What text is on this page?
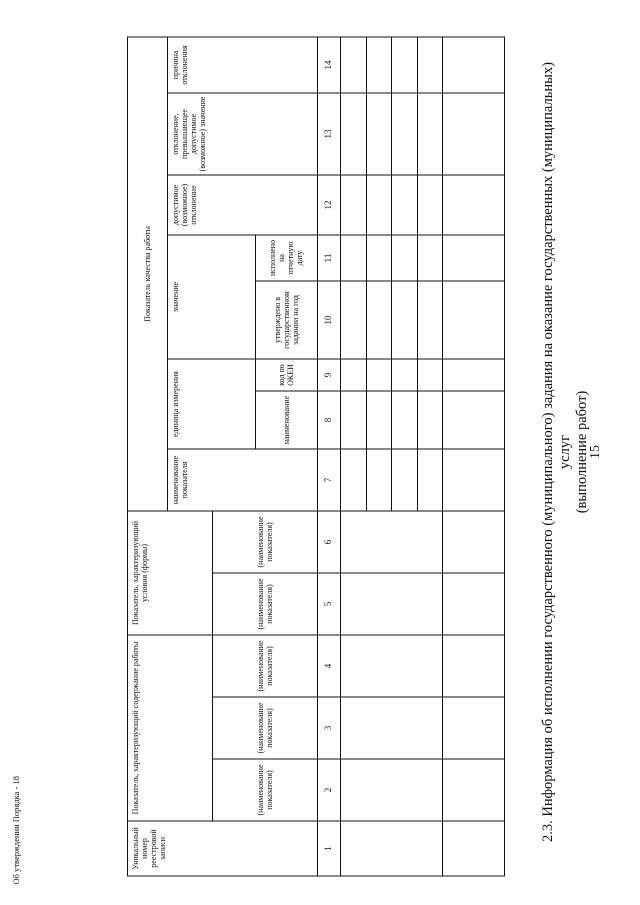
15
2.3. Информация об исполнении государственного (муниципального) задания на оказание государственных (муниципальных) услуг (выполнение работ)
Уникальный номер реестровой записи	Показатель, характеризующий содержание работы			Показатель, характеризующий условия (формы)		Показатель качества работы							
						наименование показателя	единица измерения		значение		допустимое (возможное) отклонение	отклонение, превышающее допустимое (возможное) значение	причина отклонения
	(наименование показателя)	(наименование показателя)	(наименование показателя)	(наименование показателя)	(наименование показателя)								
							наименование	код по ОКЕИ	утверждено в государственном задании на год	исполнено на отчетную дату			
1	2	3	4	5	6	7	8	9	10	11	12	13	14

Об утверждении Порядка - 18
